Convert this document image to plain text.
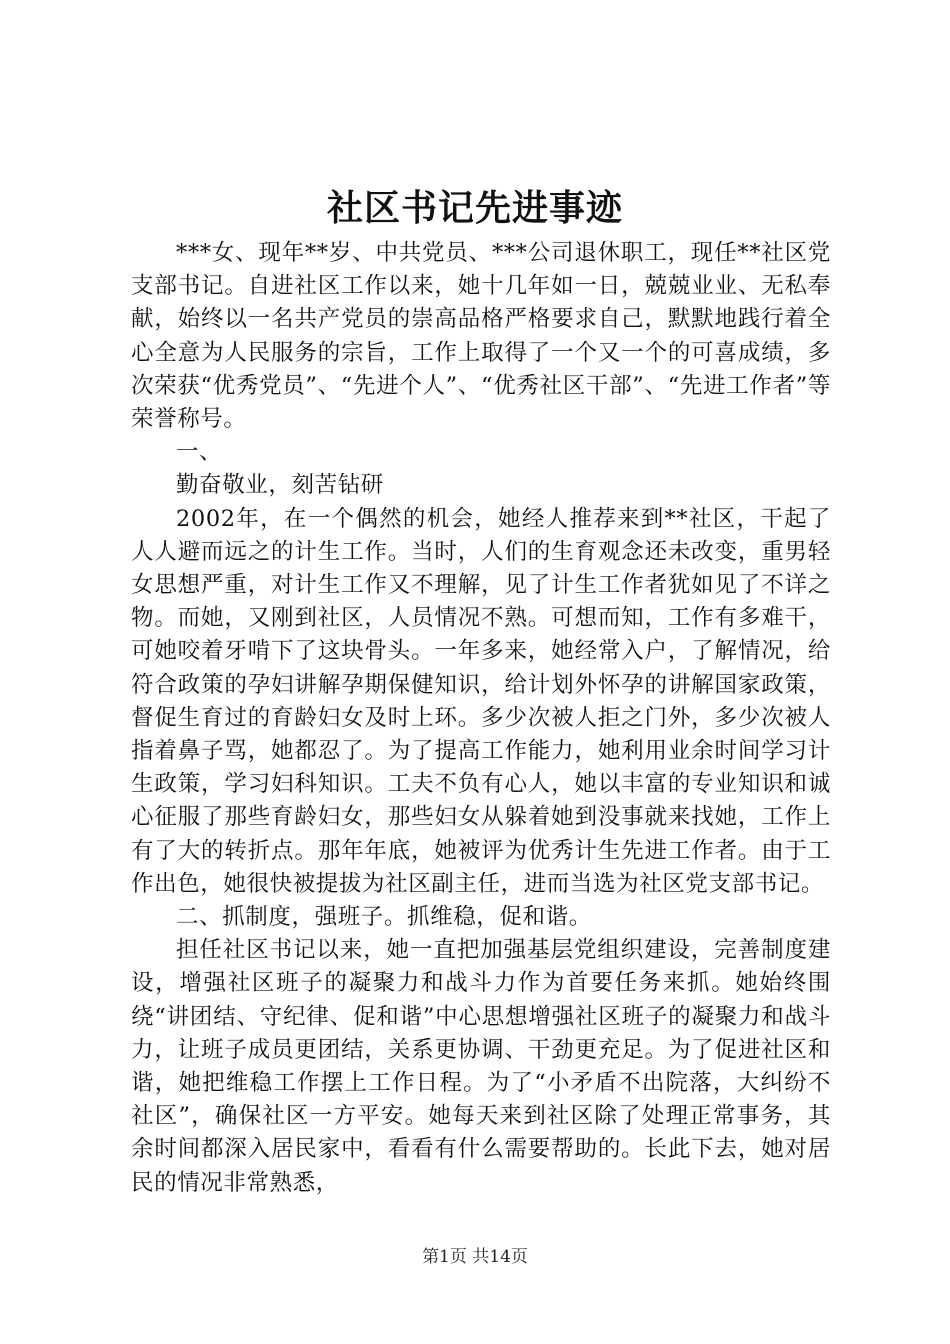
社区书记先进事迹

***女、现年**岁、中共党员、***公司退休职工，现任**社区党支部书记。自进社区工作以来，她十几年如一日，兢兢业业、无私奉献，始终以一名共产党员的崇高品格严格要求自己，默默地践行着全心全意为人民服务的宗旨，工作上取得了一个又一个的可喜成绩，多次荣获“优秀党员”、“先进个人”、“优秀社区干部”、“先进工作者”等荣誉称号。

一、

勤奋敬业，刻苦钻研

2002年，在一个偶然的机会，她经人推荐来到**社区，干起了人人避而远之的计生工作。当时，人们的生育观念还未改变，重男轻女思想严重，对计生工作又不理解，见了计生工作者犹如见了不详之物。而她，又刚到社区，人员情况不熟。可想而知，工作有多难干，可她咬着牙啃下了这块骨头。一年多来，她经常入户，了解情况，给符合政策的孕妇讲解孕期保健知识，给计划外怀孕的讲解国家政策，督促生育过的育龄妇女及时上环。多少次被人拒之门外，多少次被人指着鼻子骂，她都忍了。为了提高工作能力，她利用业余时间学习计生政策，学习妇科知识。工夫不负有心人，她以丰富的专业知识和诚心征服了那些育龄妇女，那些妇女从躲着她到没事就来找她，工作上有了大的转折点。那年年底，她被评为优秀计生先进工作者。由于工作出色，她很快被提拔为社区副主任，进而当选为社区党支部书记。

二、抓制度，强班子。抓维稳，促和谐。

担任社区书记以来，她一直把加强基层党组织建设，完善制度建设，增强社区班子的凝聚力和战斗力作为首要任务来抓。她始终围绕“讲团结、守纪律、促和谐”中心思想增强社区班子的凝聚力和战斗力，让班子成员更团结，关系更协调、干劲更充足。为了促进社区和谐，她把维稳工作摆上工作日程。为了“小矛盾不出院落，大纠纷不社区”，确保社区一方平安。她每天来到社区除了处理正常事务，其余时间都深入居民家中，看看有什么需要帮助的。长此下去，她对居民的情况非常熟悉，

第1页 共14页
